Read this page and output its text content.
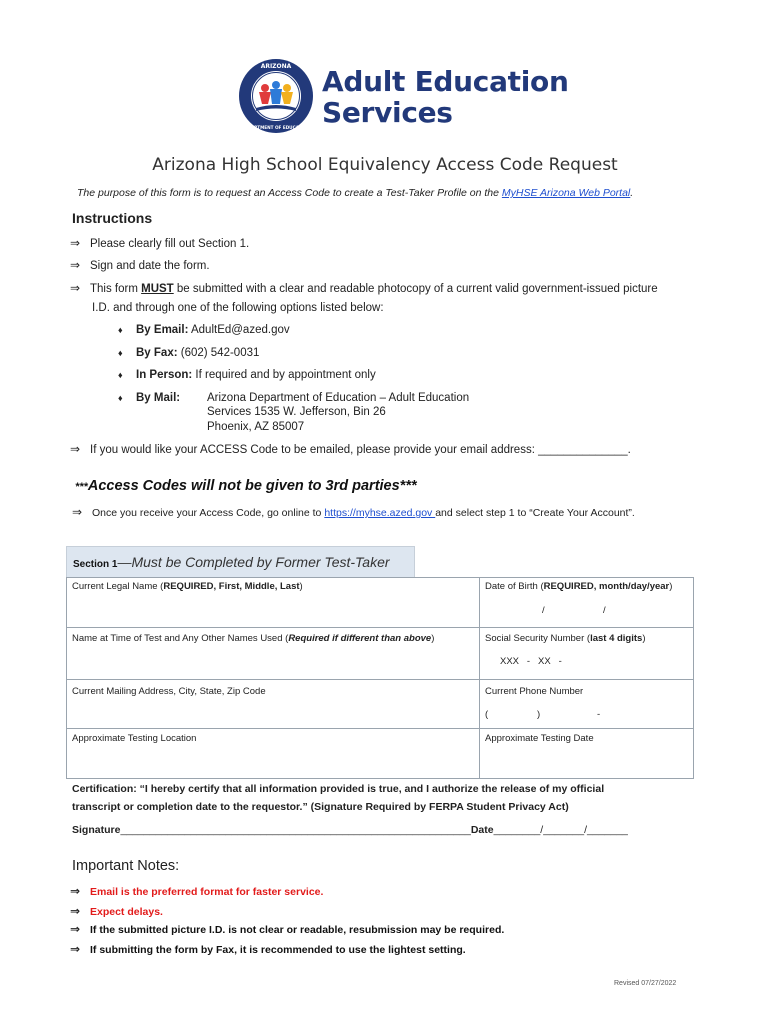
ARIZONA
DEPARTMENT OF EDUCATION
Adult Education
Services
Arizona High School Equivalency Access Code Request
The purpose of this form is to request an Access Code to create a Test-Taker Profile on the MyHSE Arizona Web Portal.
Instructions
⇒ Please clearly fill out Section 1.
⇒ Sign and date the form.
⇒ This form MUST be submitted with a clear and readable photocopy of a current valid government-issued picture
I.D. and through one of the following options listed below:
♦ By Email: AdultEd@azed.gov
♦ By Fax: (602) 542-0031
♦ In Person: If required and by appointment only
♦ By Mail: Arizona Department of Education – Adult Education
Services 1535 W. Jefferson, Bin 26
Phoenix, AZ 85007
⇒ If you would like your ACCESS Code to be emailed, please provide your email address: ______________.
***Access Codes will not be given to 3rd parties***
⇒ Once you receive your Access Code, go online to https://myhse.azed.gov and select step 1 to “Create Your Account”.
Section 1—Must be Completed by Former Test-Taker
Current Legal Name (REQUIRED, First, Middle, Last)	Date of Birth (REQUIRED, month/day/year)
/	/
Name at Time of Test and Any Other Names Used (Required if different than above)	Social Security Number (last 4 digits)
XXX   -   XX   -
Current Mailing Address, City, State, Zip Code	Current Phone Number
(	)	-
Approximate Testing Location	Approximate Testing Date
Certification: “I hereby certify that all information provided is true, and I authorize the release of my official
transcript or completion date to the requestor.” (Signature Required by FERPA Student Privacy Act)
Signature____________________________________________________________Date________/_______/_______
Important Notes:
⇒ Email is the preferred format for faster service.
⇒ Expect delays.
⇒ If the submitted picture I.D. is not clear or readable, resubmission may be required.
⇒ If submitting the form by Fax, it is recommended to use the lightest setting.
Revised 07/27/2022
